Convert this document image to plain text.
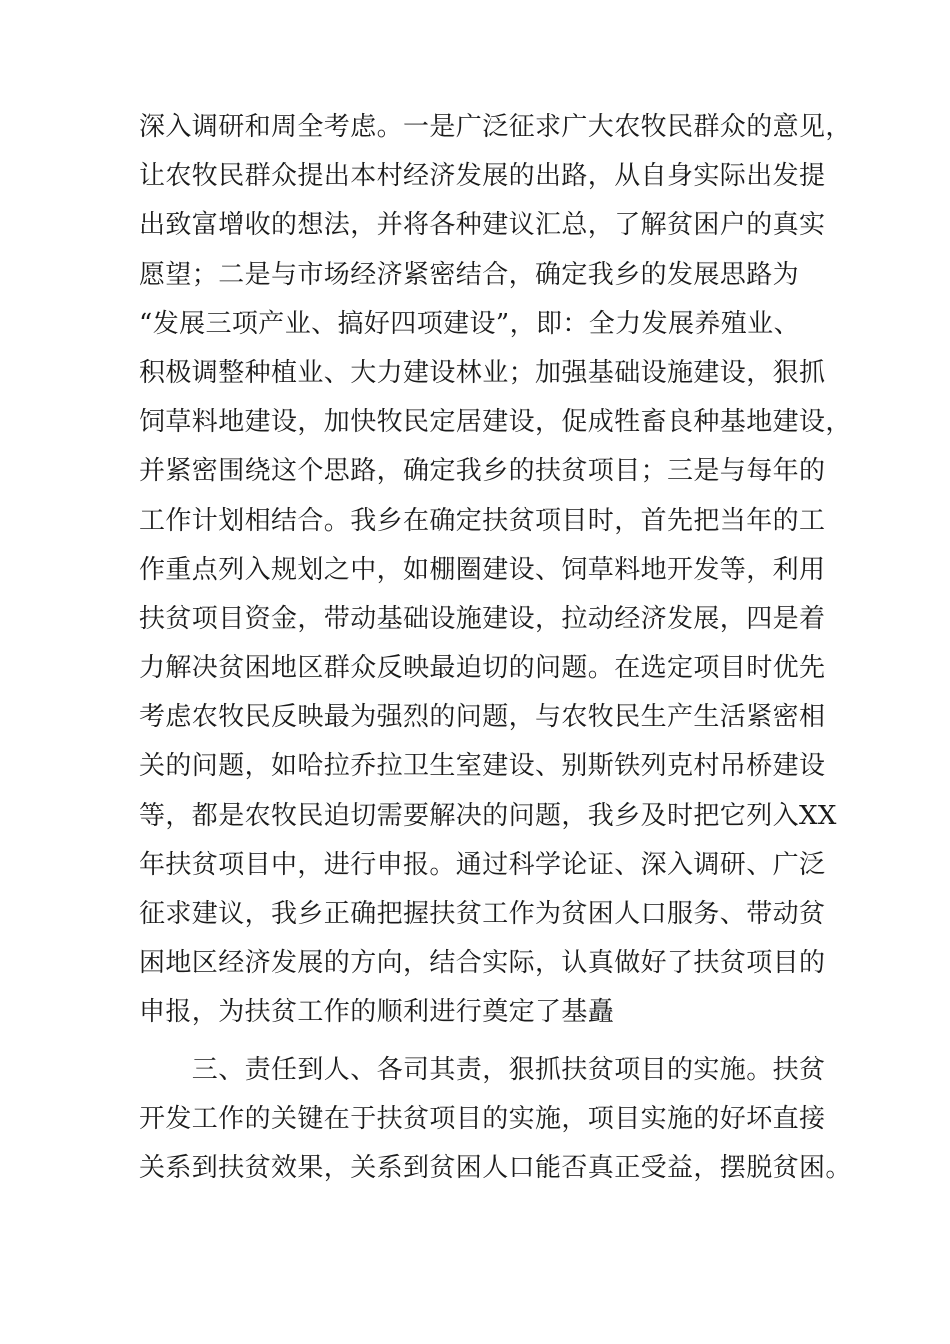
深入调研和周全考虑。一是广泛征求广大农牧民群众的意见，
让农牧民群众提出本村经济发展的出路，从自身实际出发提
出致富增收的想法，并将各种建议汇总，了解贫困户的真实
愿望；二是与市场经济紧密结合，确定我乡的发展思路为
“发展三项产业、搞好四项建设”，即：全力发展养殖业、
积极调整种植业、大力建设林业；加强基础设施建设，狠抓
饲草料地建设，加快牧民定居建设，促成牲畜良种基地建设，
并紧密围绕这个思路，确定我乡的扶贫项目；三是与每年的
工作计划相结合。我乡在确定扶贫项目时，首先把当年的工
作重点列入规划之中，如棚圈建设、饲草料地开发等，利用
扶贫项目资金，带动基础设施建设，拉动经济发展，四是着
力解决贫困地区群众反映最迫切的问题。在选定项目时优先
考虑农牧民反映最为强烈的问题，与农牧民生产生活紧密相
关的问题，如哈拉乔拉卫生室建设、别斯铁列克村吊桥建设
等，都是农牧民迫切需要解决的问题，我乡及时把它列入XX
年扶贫项目中，进行申报。通过科学论证、深入调研、广泛
征求建议，我乡正确把握扶贫工作为贫困人口服务、带动贫
困地区经济发展的方向，结合实际，认真做好了扶贫项目的
申报，为扶贫工作的顺利进行奠定了基矗
　　三、责任到人、各司其责，狠抓扶贫项目的实施。扶贫
开发工作的关键在于扶贫项目的实施，项目实施的好坏直接
关系到扶贫效果，关系到贫困人口能否真正受益，摆脱贫困。
